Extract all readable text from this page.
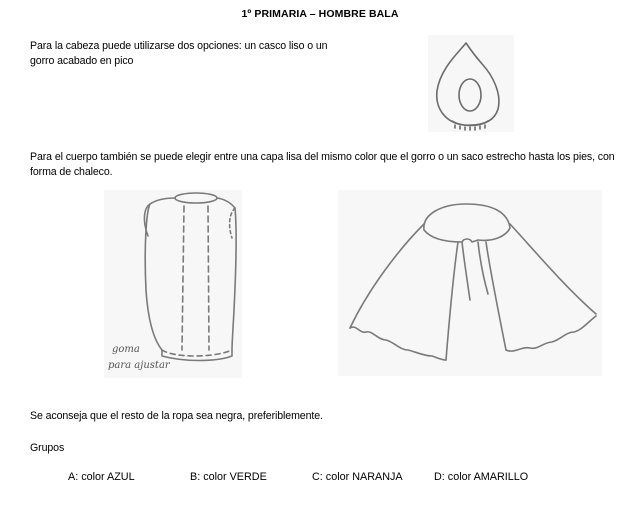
1º PRIMARIA – HOMBRE BALA
Para la cabeza puede utilizarse dos opciones: un casco liso o un gorro acabado en pico
Para el cuerpo también se puede elegir entre una capa lisa del mismo color que el gorro o un saco estrecho hasta los pies, con forma de chaleco.
goma
para ajustar
Se aconseja que el resto de la ropa sea negra, preferiblemente.
Grupos
A: color AZUL	B: color VERDE	C: color NARANJA	D: color AMARILLO
